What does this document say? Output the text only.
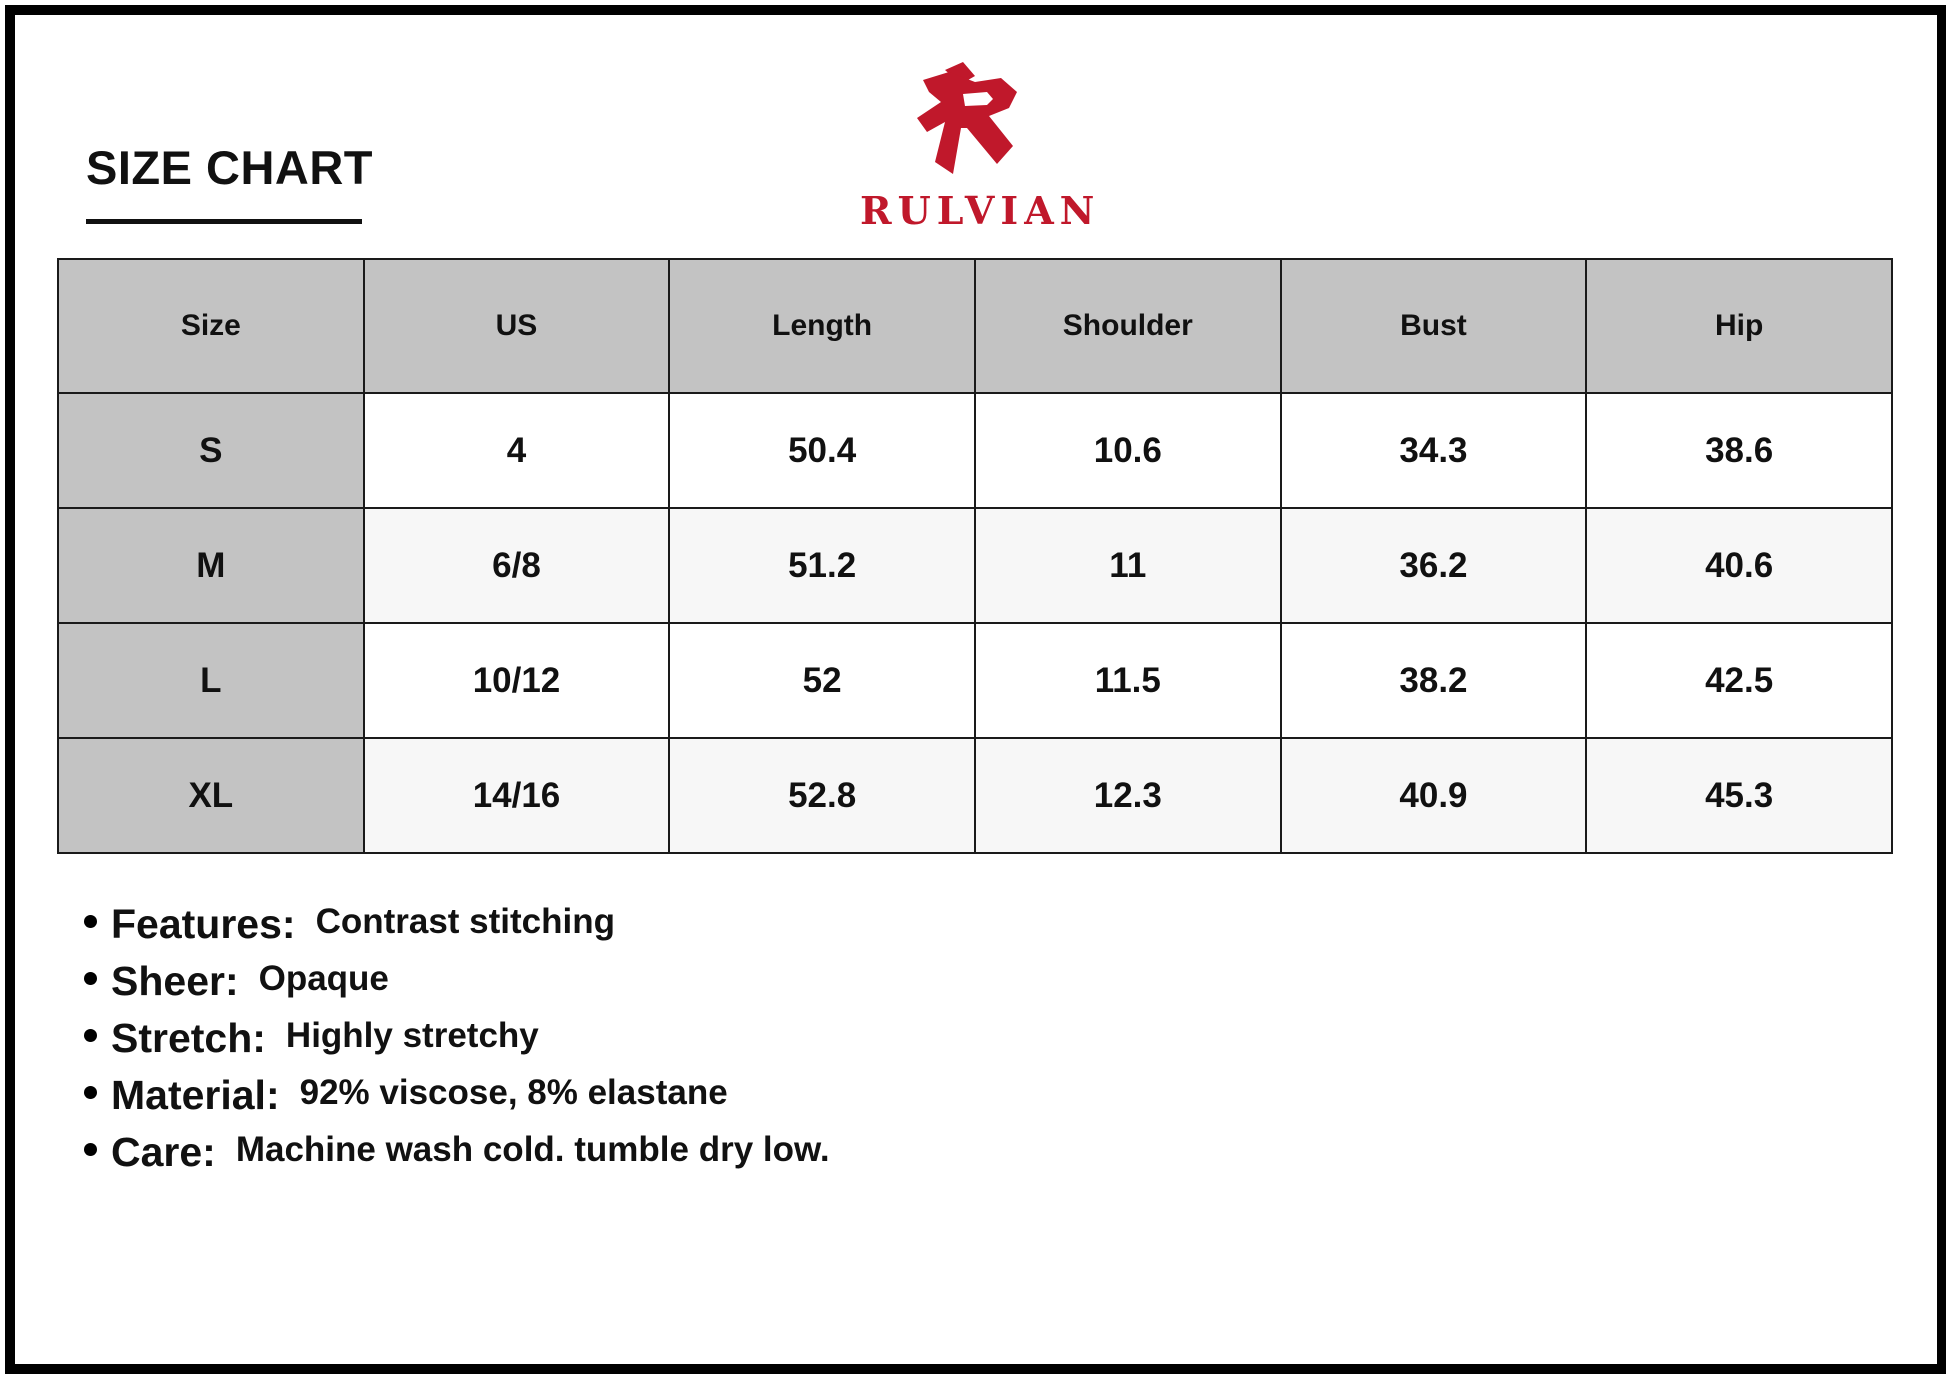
SIZE CHART
RULVIAN
Size	US	Length	Shoulder	Bust	Hip
S	4	50.4	10.6	34.3	38.6
M	6/8	51.2	11	36.2	40.6
L	10/12	52	11.5	38.2	42.5
XL	14/16	52.8	12.3	40.9	45.3
Features: Contrast stitching
Sheer: Opaque
Stretch: Highly stretchy
Material: 92% viscose, 8% elastane
Care: Machine wash cold. tumble dry low.
